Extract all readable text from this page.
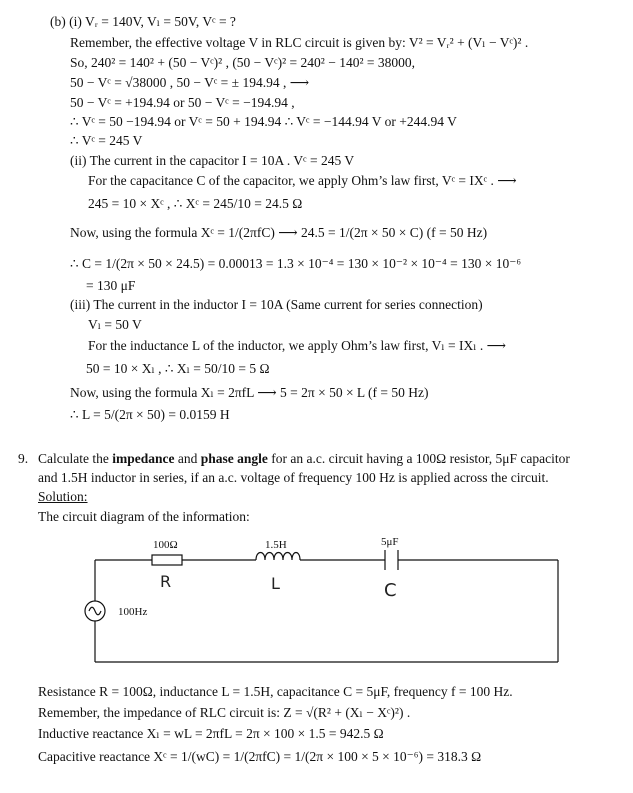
(b) (i) Vᵣ = 140V, Vₗ = 50V, Vᶜ = ?
Remember, the effective voltage V in RLC circuit is given by: V² = Vᵣ² + (Vₗ − Vᶜ)² .
So, 240² = 140² + (50 − Vᶜ)² , (50 − Vᶜ)² = 240² − 140² = 38000,
50 − Vᶜ = √38000 , 50 − Vᶜ = ± 194.94 , ⟶
50 − Vᶜ = +194.94 or 50 − Vᶜ = −194.94 ,
∴ Vᶜ = 50 −194.94 or Vᶜ = 50 + 194.94 ∴ Vᶜ = −144.94 V or +244.94 V
∴ Vᶜ = 245 V
(ii) The current in the capacitor I = 10A . Vᶜ = 245 V
For the capacitance C of the capacitor, we apply Ohm’s law first, Vᶜ = IXᶜ . ⟶
245 = 10 × Xᶜ , ∴ Xᶜ = 245/10 = 24.5 Ω
Now, using the formula Xᶜ = 1/(2πfC) ⟶ 24.5 = 1/(2π × 50 × C) (f = 50 Hz)
∴ C = 1/(2π × 50 × 24.5) = 0.00013 = 1.3 × 10⁻⁴ = 130 × 10⁻² × 10⁻⁴ = 130 × 10⁻⁶
= 130 μF
(iii) The current in the inductor I = 10A (Same current for series connection)
Vₗ = 50 V
For the inductance L of the inductor, we apply Ohm’s law first, Vₗ = IXₗ . ⟶
50 = 10 × Xₗ , ∴ Xₗ = 50/10 = 5 Ω
Now, using the formula Xₗ = 2πfL ⟶ 5 = 2π × 50 × L (f = 50 Hz)
∴ L = 5/(2π × 50) = 0.0159 H
9. Calculate the impedance and phase angle for an a.c. circuit having a 100Ω resistor, 5μF capacitor
and 1.5H inductor in series, if an a.c. voltage of frequency 100 Hz is applied across the circuit.
Solution:
The circuit diagram of the information:
R	L	C
100Ω	1.5H	5μF
100Hz
Resistance R = 100Ω, inductance L = 1.5H, capacitance C = 5μF, frequency f = 100 Hz.
Remember, the impedance of RLC circuit is: Z = √(R² + (Xₗ − Xᶜ)²) .
Inductive reactance Xₗ = wL = 2πfL = 2π × 100 × 1.5 = 942.5 Ω
Capacitive reactance Xᶜ = 1/(wC) = 1/(2πfC) = 1/(2π × 100 × 5 × 10⁻⁶) = 318.3 Ω
